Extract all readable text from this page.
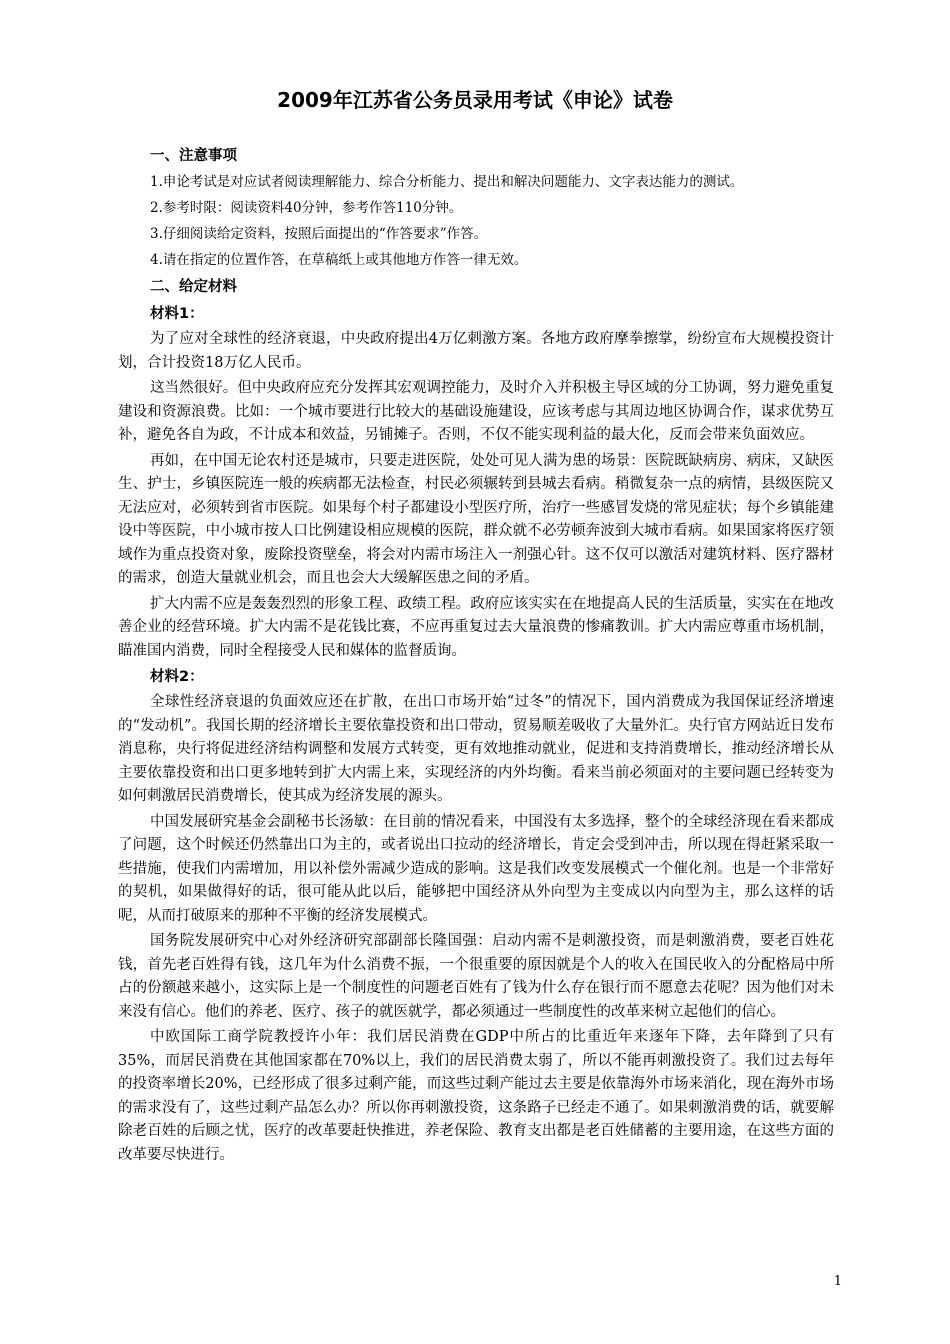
2009年江苏省公务员录用考试《申论》试卷

一、注意事项

1.申论考试是对应试者阅读理解能力、综合分析能力、提出和解决问题能力、文字表达能力的测试。

2.参考时限：阅读资料40分钟，参考作答110分钟。

3.仔细阅读给定资料，按照后面提出的“作答要求”作答。

4.请在指定的位置作答，在草稿纸上或其他地方作答一律无效。

二、给定材料

材料1：

为了应对全球性的经济衰退，中央政府提出4万亿刺激方案。各地方政府摩拳擦掌，纷纷宣布大规模投资计划，合计投资18万亿人民币。

这当然很好。但中央政府应充分发挥其宏观调控能力，及时介入并积极主导区域的分工协调，努力避免重复建设和资源浪费。比如：一个城市要进行比较大的基础设施建设，应该考虑与其周边地区协调合作，谋求优势互补，避免各自为政，不计成本和效益，另铺摊子。否则，不仅不能实现利益的最大化，反而会带来负面效应。

再如，在中国无论农村还是城市，只要走进医院，处处可见人满为患的场景：医院既缺病房、病床，又缺医生、护士，乡镇医院连一般的疾病都无法检查，村民必须辗转到县城去看病。稍微复杂一点的病情，县级医院又无法应对，必须转到省市医院。如果每个村子都建设小型医疗所，治疗一些感冒发烧的常见症状；每个乡镇能建设中等医院，中小城市按人口比例建设相应规模的医院，群众就不必劳顿奔波到大城市看病。如果国家将医疗领域作为重点投资对象，废除投资壁垒，将会对内需市场注入一剂强心针。这不仅可以激活对建筑材料、医疗器材的需求，创造大量就业机会，而且也会大大缓解医患之间的矛盾。

扩大内需不应是轰轰烈烈的形象工程、政绩工程。政府应该实实在在地提高人民的生活质量，实实在在地改善企业的经营环境。扩大内需不是花钱比赛，不应再重复过去大量浪费的惨痛教训。扩大内需应尊重市场机制，瞄准国内消费，同时全程接受人民和媒体的监督质询。

材料2：

全球性经济衰退的负面效应还在扩散，在出口市场开始“过冬”的情况下，国内消费成为我国保证经济增速的“发动机”。我国长期的经济增长主要依靠投资和出口带动，贸易顺差吸收了大量外汇。央行官方网站近日发布消息称，央行将促进经济结构调整和发展方式转变，更有效地推动就业，促进和支持消费增长，推动经济增长从主要依靠投资和出口更多地转到扩大内需上来，实现经济的内外均衡。看来当前必须面对的主要问题已经转变为如何刺激居民消费增长，使其成为经济发展的源头。

中国发展研究基金会副秘书长汤敏：在目前的情况看来，中国没有太多选择，整个的全球经济现在看来都成了问题，这个时候还仍然靠出口为主的，或者说出口拉动的经济增长，肯定会受到冲击，所以现在得赶紧采取一些措施，使我们内需增加，用以补偿外需减少造成的影响。这是我们改变发展模式一个催化剂。也是一个非常好的契机，如果做得好的话，很可能从此以后，能够把中国经济从外向型为主变成以内向型为主，那么这样的话呢，从而打破原来的那种不平衡的经济发展模式。

国务院发展研究中心对外经济研究部副部长隆国强：启动内需不是刺激投资，而是刺激消费，要老百姓花钱，首先老百姓得有钱，这几年为什么消费不振，一个很重要的原因就是个人的收入在国民收入的分配格局中所占的份额越来越小，这实际上是一个制度性的问题老百姓有了钱为什么存在银行而不愿意去花呢？因为他们对未来没有信心。他们的养老、医疗、孩子的就医就学，都必须通过一些制度性的改革来树立起他们的信心。

中欧国际工商学院教授许小年：我们居民消费在GDP中所占的比重近年来逐年下降，去年降到了只有35%，而居民消费在其他国家都在70%以上，我们的居民消费太弱了，所以不能再刺激投资了。我们过去每年的投资率增长20%，已经形成了很多过剩产能，而这些过剩产能过去主要是依靠海外市场来消化，现在海外市场的需求没有了，这些过剩产品怎么办？所以你再刺激投资，这条路子已经走不通了。如果刺激消费的话，就要解除老百姓的后顾之忧，医疗的改革要赶快推进，养老保险、教育支出都是老百姓储蓄的主要用途，在这些方面的改革要尽快进行。

1
